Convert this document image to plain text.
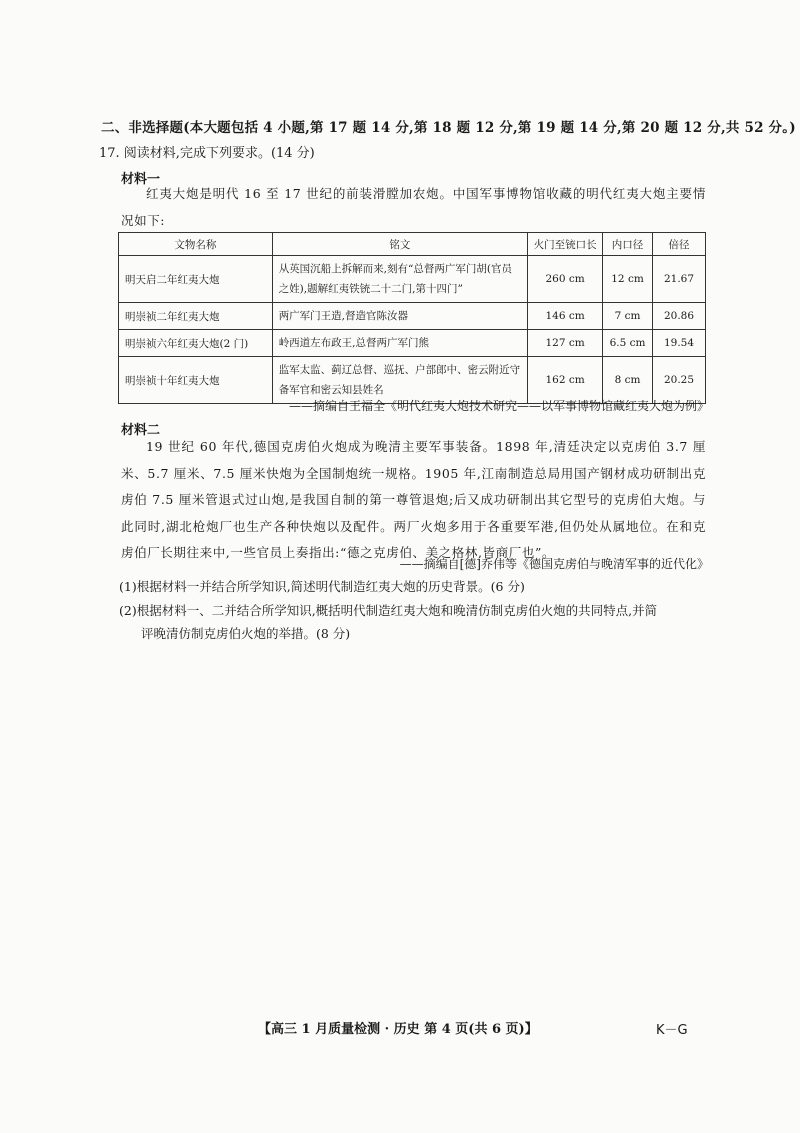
二、非选择题(本大题包括 4 小题,第 17 题 14 分,第 18 题 12 分,第 19 题 14 分,第 20 题 12 分,共 52 分。)
17. 阅读材料,完成下列要求。(14 分)
材料一
红夷大炮是明代 16 至 17 世纪的前装滑膛加农炮。中国军事博物馆收藏的明代红夷大炮主要情况如下:
文物名称	铭文	火门至铳口长	内口径	倍径
明天启二年红夷大炮	从英国沉船上拆解而来,刻有“总督两广军门胡(官员之姓),题解红夷铁铳二十二门,第十四门”	260 cm	12 cm	21.67
明崇祯二年红夷大炮	两广军门王造,督造官陈汝器	146 cm	7 cm	20.86
明崇祯六年红夷大炮(2 门)	岭西道左布政王,总督两广军门熊	127 cm	6.5 cm	19.54
明崇祯十年红夷大炮	监军太监、蓟辽总督、巡抚、户部郎中、密云附近守备军官和密云知县姓名	162 cm	8 cm	20.25
——摘编自王福全《明代红夷大炮技术研究——以军事博物馆藏红夷大炮为例》
材料二
19 世纪 60 年代,德国克虏伯火炮成为晚清主要军事装备。1898 年,清廷决定以克虏伯 3.7 厘米、5.7 厘米、7.5 厘米快炮为全国制炮统一规格。1905 年,江南制造总局用国产钢材成功研制出克虏伯 7.5 厘米管退式过山炮,是我国自制的第一尊管退炮;后又成功研制出其它型号的克虏伯大炮。与此同时,湖北枪炮厂也生产各种快炮以及配件。两厂火炮多用于各重要军港,但仍处从属地位。在和克虏伯厂长期往来中,一些官员上奏指出:“德之克虏伯、美之格林,皆商厂也”。
——摘编自[德]乔伟等《德国克虏伯与晚清军事的近代化》
(1)根据材料一并结合所学知识,简述明代制造红夷大炮的历史背景。(6 分)
(2)根据材料一、二并结合所学知识,概括明代制造红夷大炮和晚清仿制克虏伯火炮的共同特点,并简
评晚清仿制克虏伯火炮的举措。(8 分)
【高三 1 月质量检测 · 历史 第 4 页(共 6 页)】	K－G
